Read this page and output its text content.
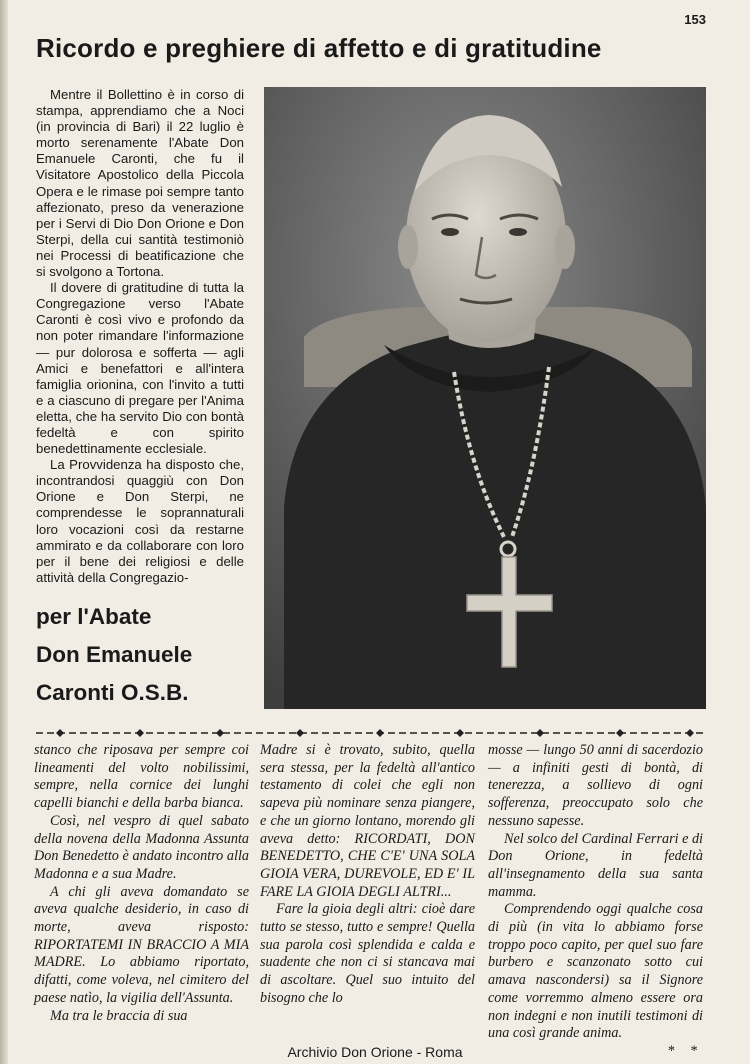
153
Ricordo e preghiere di affetto e di gratitudine

Mentre il Bollettino è in corso di stampa, apprendiamo che a Noci (in provincia di Bari) il 22 luglio è morto serenamente l'Abate Don Emanuele Caronti, che fu il Visitatore Apostolico della Piccola Opera e le rimase poi sempre tanto affezionato, preso da venerazione per i Servi di Dio Don Orione e Don Sterpi, della cui santità testimoniò nei Processi di beatificazione che si svolgono a Tortona.

Il dovere di gratitudine di tutta la Congregazione verso l'Abate Caronti è così vivo e profondo da non poter rimandare l'informazione — pur dolorosa e sofferta — agli Amici e benefattori e all'intera famiglia orionina, con l'invito a tutti e a ciascuno di pregare per l'Anima eletta, che ha servito Dio con bontà fedeltà e con spirito benedettinamente ecclesiale.

La Provvidenza ha disposto che, incontrandosi quaggiù con Don Orione e Don Sterpi, ne comprendesse le soprannaturali loro vocazioni così da restarne ammirato e da collaborare con loro per il bene dei religiosi e delle attività della Congregazio-

per l'Abate
Don Emanuele
Caronti O.S.B.

stanco che riposava per sempre coi lineamenti del volto nobilissimi, sempre, nella cornice dei lunghi capelli bianchi e della barba bianca.

Così, nel vespro di quel sabato della novena della Madonna Assunta Don Benedetto è andato incontro alla Madonna e a sua Madre.

A chi gli aveva domandato se aveva qualche desiderio, in caso di morte, aveva risposto: RIPORTATEMI IN BRACCIO A MIA MADRE. Lo abbiamo riportato, difatti, come voleva, nel cimitero del paese natìo, la vigilia dell'Assunta.

Ma tra le braccia di sua

Madre si è trovato, subito, quella sera stessa, per la fedeltà all'antico testamento di colei che egli non sapeva più nominare senza piangere, e che un giorno lontano, morendo gli aveva detto: RICORDATI, DON BENEDETTO, CHE C'E' UNA SOLA GIOIA VERA, DUREVOLE, ED E' IL FARE LA GIOIA DEGLI ALTRI...

Fare la gioia degli altri: cioè dare tutto se stesso, tutto e sempre! Quella sua parola così splendida e calda e suadente che non ci si stancava mai di ascoltare. Quel suo intuito del bisogno che lo

mosse — lungo 50 anni di sacerdozio — a infiniti gesti di bontà, di tenerezza, a sollievo di ogni sofferenza, preoccupato solo che nessuno sapesse.

Nel solco del Cardinal Ferrari e di Don Orione, in fedeltà all'insegnamento della sua santa mamma.

Comprendendo oggi qualche cosa di più (in vita lo abbiamo forse troppo poco capito, per quel suo fare burbero e scanzonato sotto cui amava nascondersi) sa il Signore come vorremmo almeno essere ora non indegni e non inutili testimoni di una così grande anima.

* *
Archivio Don Orione - Roma
